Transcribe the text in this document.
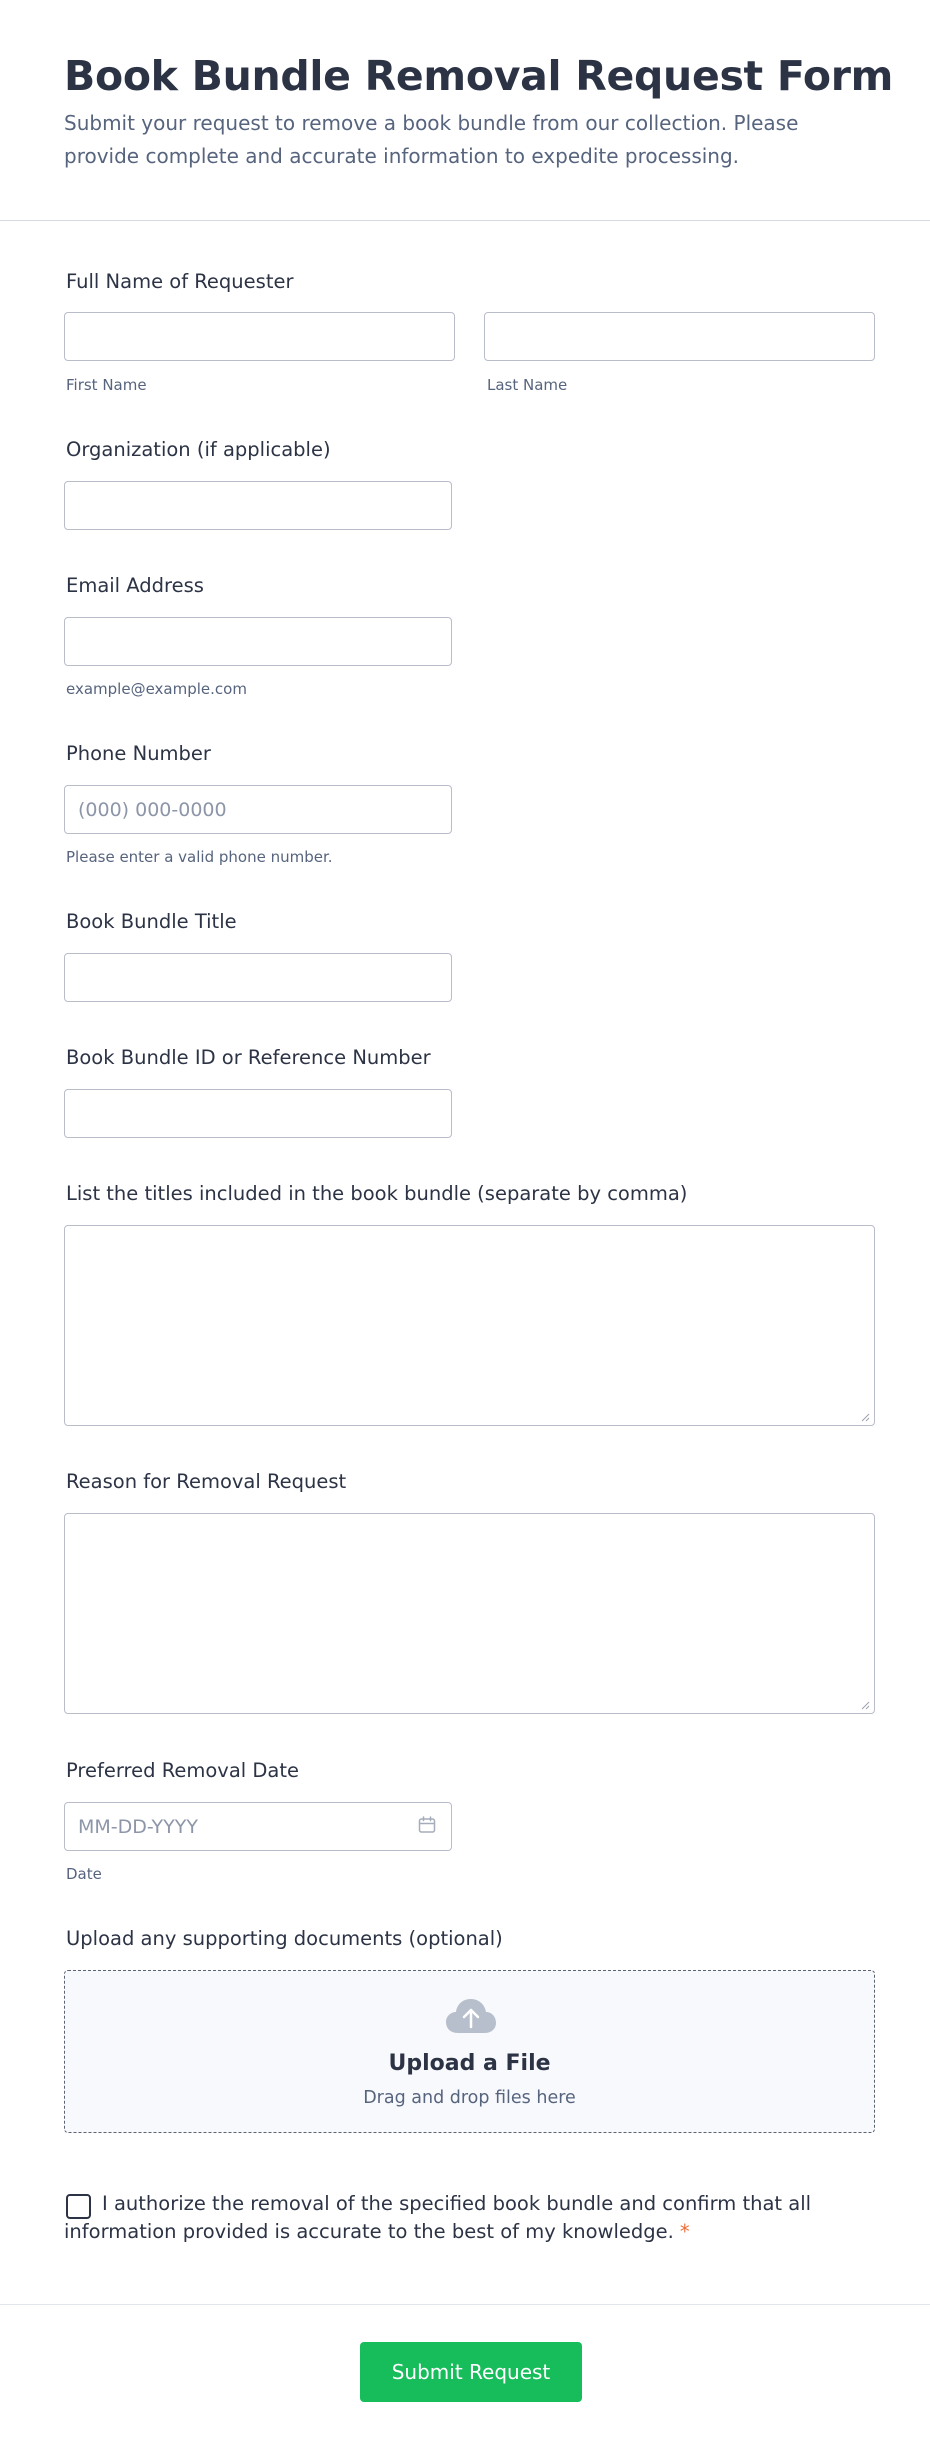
Book Bundle Removal Request Form

Submit your request to remove a book bundle from our collection. Please provide complete and accurate information to expedite processing.

Full Name of Requester
First Name	Last Name
Organization (if applicable)
Email Address
example@example.com
Phone Number
(000) 000-0000
Please enter a valid phone number.
Book Bundle Title
Book Bundle ID or Reference Number
List the titles included in the book bundle (separate by comma)
Reason for Removal Request
Preferred Removal Date
MM-DD-YYYY
Date
Upload any supporting documents (optional)
Upload a File
Drag and drop files here

I authorize the removal of the specified book bundle and confirm that all information provided is accurate to the best of my knowledge. *

Submit Request
